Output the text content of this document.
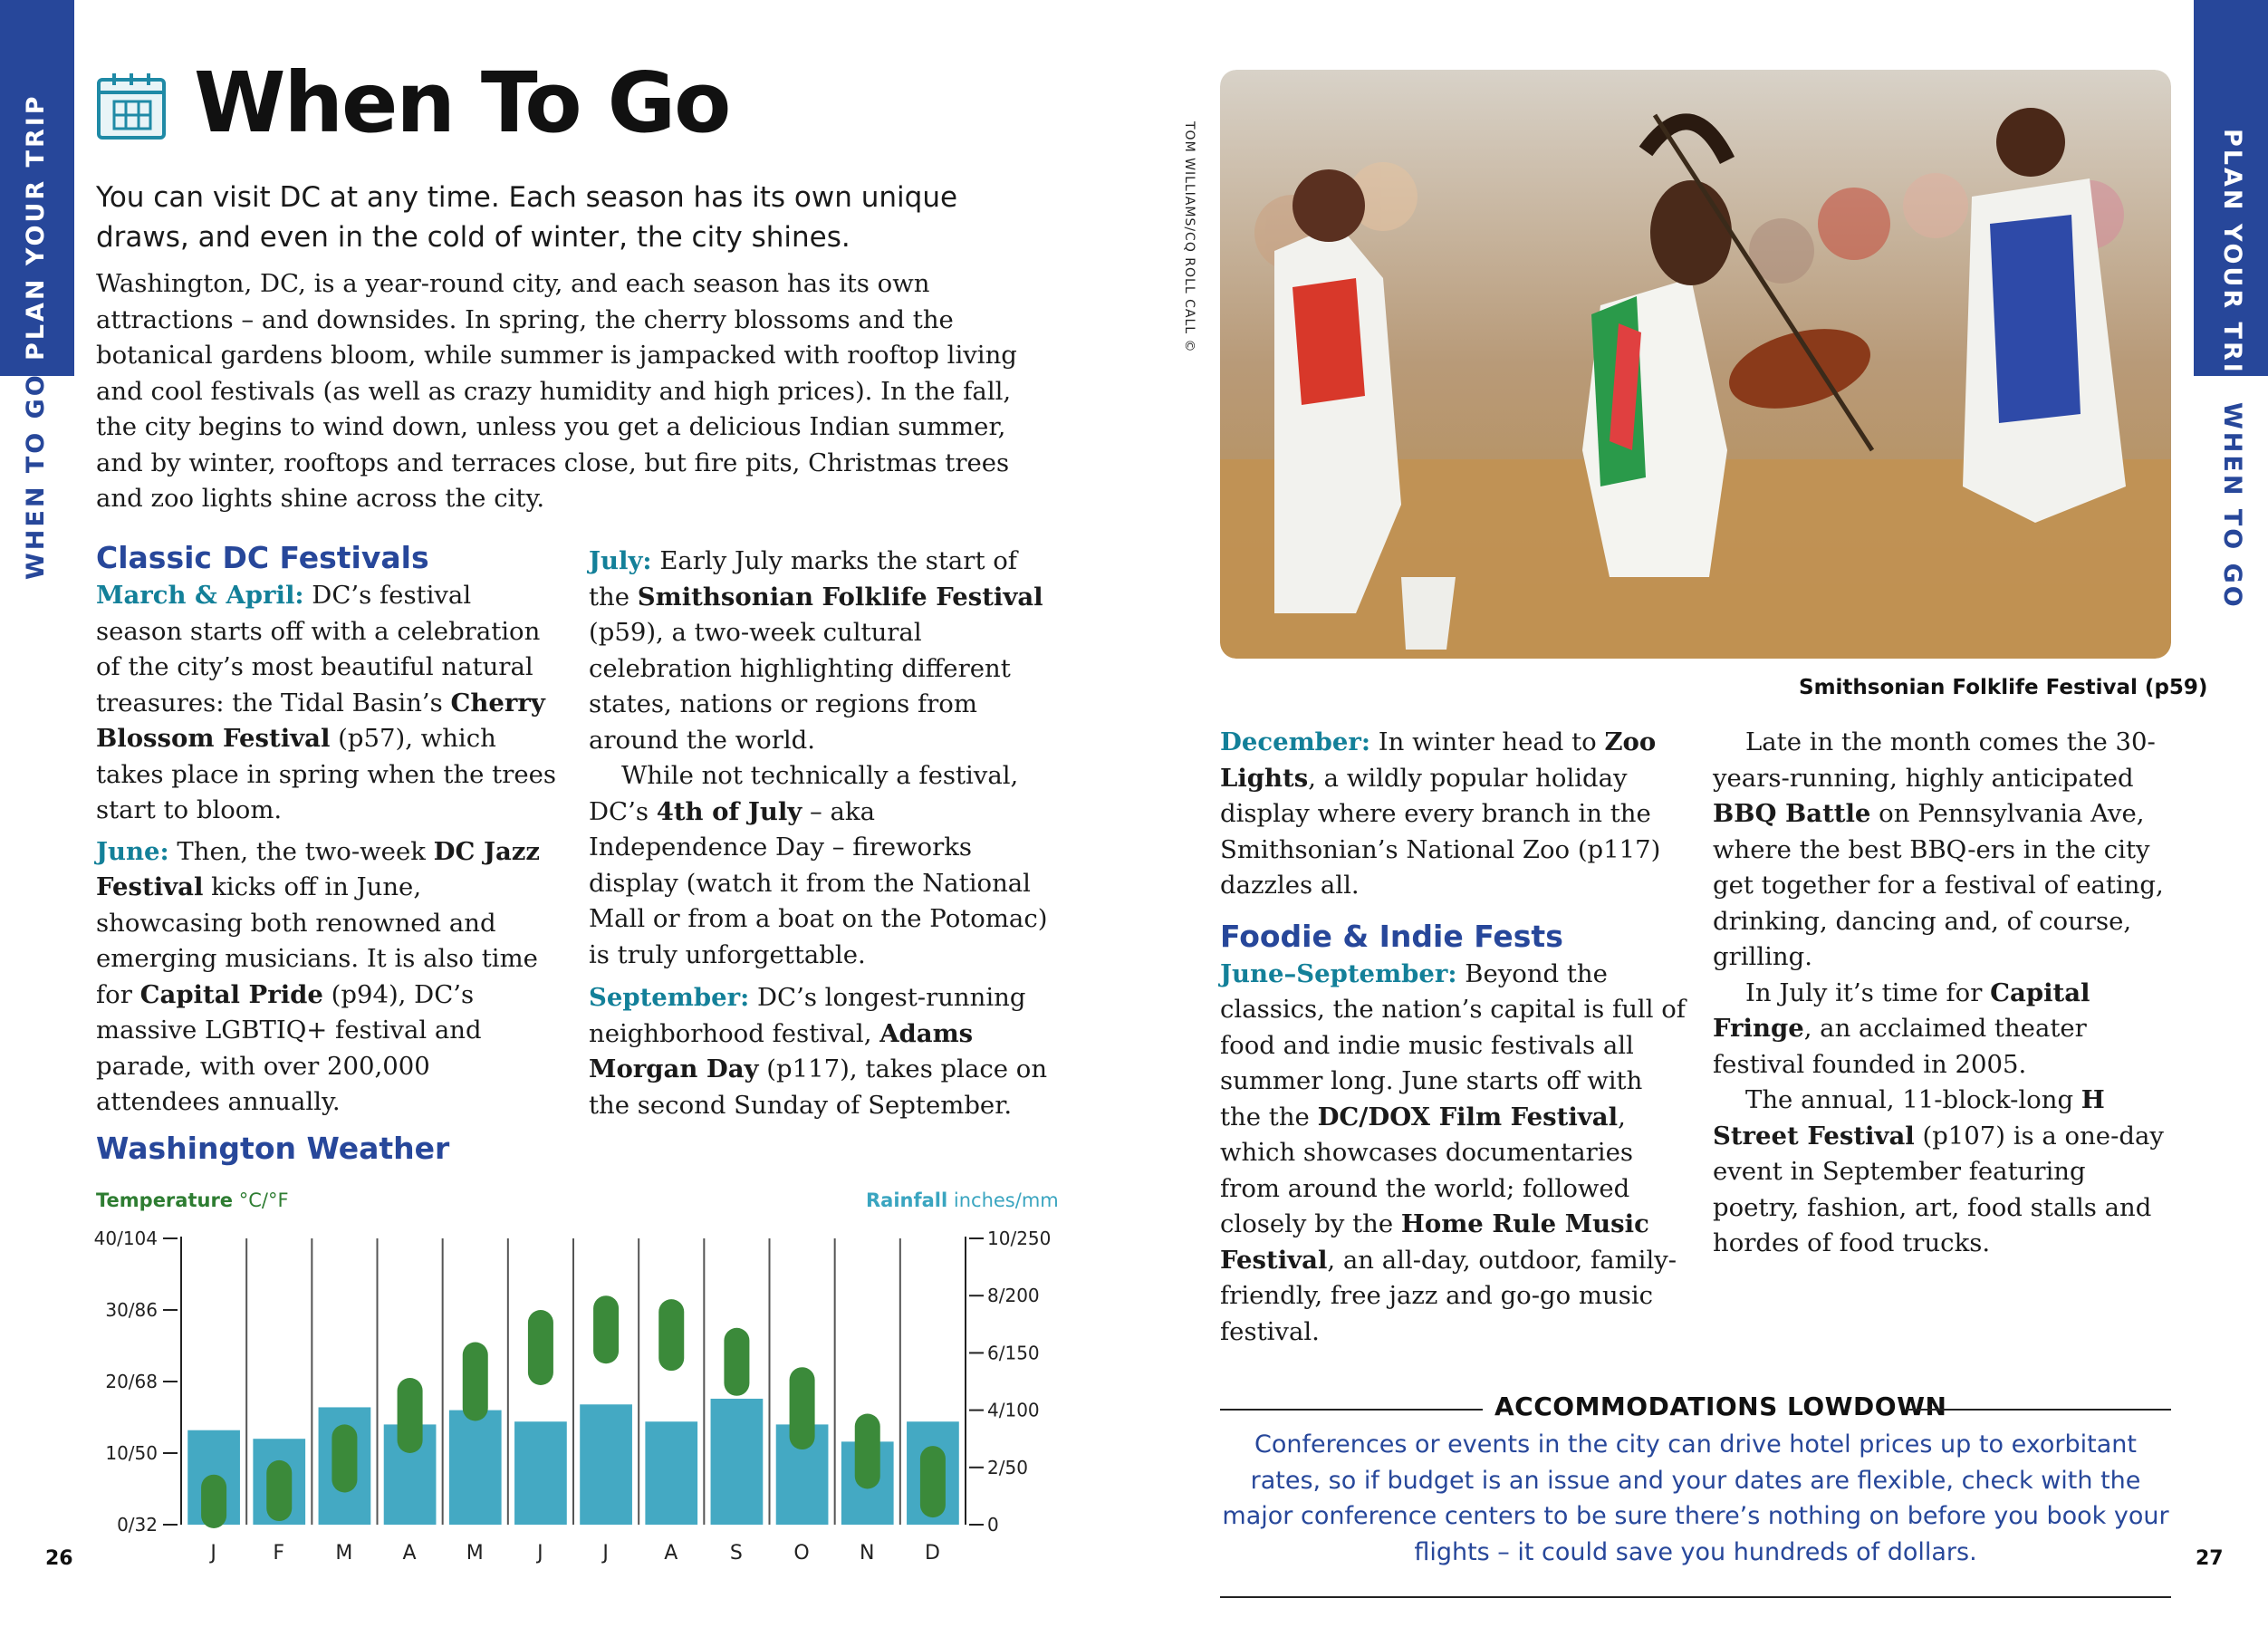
PLAN YOUR TRIP
WHEN TO GO
PLAN YOUR TRIP
WHEN TO GO
When To Go
You can visit DC at any time. Each season has its own unique draws, and even in the cold of winter, the city shines.
Washington, DC, is a year-round city, and each season has its own attractions – and downsides. In spring, the cherry blossoms and the botanical gardens bloom, while summer is jampacked with rooftop living and cool festivals (as well as crazy humidity and high prices). In the fall, the city begins to wind down, unless you get a delicious Indian summer, and by winter, rooftops and terraces close, but fire pits, Christmas trees and zoo lights shine across the city.

Classic DC Festivals

March & April: DC’s festival season starts off with a celebration of the city’s most beautiful natural treasures: the Tidal Basin’s Cherry Blossom Festival (p57), which takes place in spring when the trees start to bloom.

June: Then, the two-week DC Jazz Festival kicks off in June, showcasing both renowned and emerging musicians. It is also time for Capital Pride (p94), DC’s massive LGBTIQ+ festival and parade, with over 200,000 attendees annually.

July: Early July marks the start of the Smithsonian Folklife Festival (p59), a two-week cultural celebration highlighting different states, nations or regions from around the world.

While not technically a festival, DC’s 4th of July – aka Independence Day – fireworks display (watch it from the National Mall or from a boat on the Potomac) is truly unforgettable.

September: DC’s longest-running neighborhood festival, Adams Morgan Day (p117), takes place on the second Sunday of September.

Washington Weather
Temperature °C/°F	Rainfall inches/mm
40/104
30/86
20/68
10/50
0/32
10/250
8/200
6/150
4/100
2/50
0
J	F	M A M	J	J	A	S	O N D
TOM WILLIAMS/CQ ROLL CALL ©
Smithsonian Folklife Festival (p59)

December: In winter head to Zoo Lights, a wildly popular holiday display where every branch in the Smithsonian’s National Zoo (p117) dazzles all.

Foodie & Indie Fests

June–September: Beyond the classics, the nation’s capital is full of food and indie music festivals all summer long. June starts off with the the DC/DOX Film Festival, which showcases documentaries from around the world; followed closely by the Home Rule Music Festival, an all-day, outdoor, family-friendly, free jazz and go-go music festival.

Late in the month comes the 30-years-running, highly anticipated BBQ Battle on Pennsylvania Ave, where the best BBQ-ers in the city get together for a festival of eating, drinking, dancing and, of course, grilling.

In July it’s time for Capital Fringe, an acclaimed theater festival founded in 2005.

The annual, 11-block-long H Street Festival (p107) is a one-day event in September featuring poetry, fashion, art, food stalls and hordes of food trucks.

ACCOMMODATIONS LOWDOWN
Conferences or events in the city can drive hotel prices up to exorbitant rates, so if budget is an issue and your dates are flexible, check with the major conference centers to be sure there’s nothing on before you book your flights – it could save you hundreds of dollars.
26	27
